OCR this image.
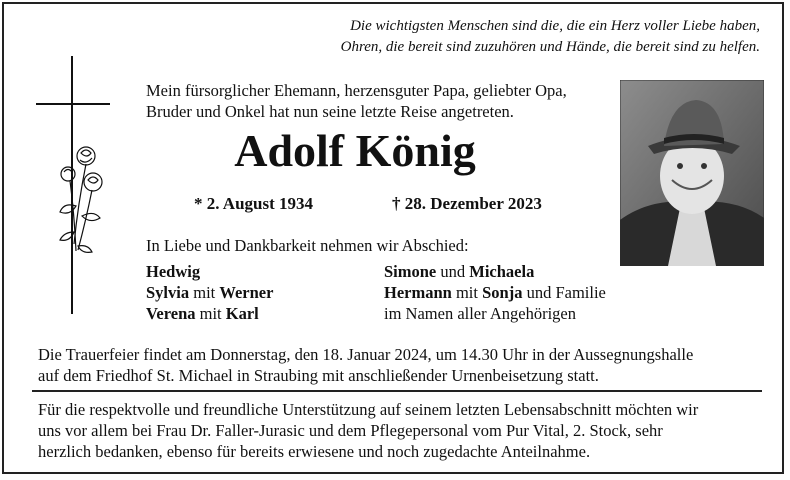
Die wichtigsten Menschen sind die, die ein Herz voller Liebe haben,
Ohren, die bereit sind zuzuhören und Hände, die bereit sind zu helfen.
Mein fürsorglicher Ehemann, herzensguter Papa, geliebter Opa,
Bruder und Onkel hat nun seine letzte Reise angetreten.
Adolf König
* 2. August 1934	† 28. Dezember 2023
In Liebe und Dankbarkeit nehmen wir Abschied:
Hedwig
Sylvia mit Werner
Verena mit Karl
Simone und Michaela
Hermann mit Sonja und Familie
im Namen aller Angehörigen
Die Trauerfeier findet am Donnerstag, den 18. Januar 2024, um 14.30 Uhr in der Aussegnungshalle
auf dem Friedhof St. Michael in Straubing mit anschließender Urnenbeisetzung statt.
Für die respektvolle und freundliche Unterstützung auf seinem letzten Lebensabschnitt möchten wir
uns vor allem bei Frau Dr. Faller-Jurasic und dem Pflegepersonal vom Pur Vital, 2. Stock, sehr
herzlich bedanken, ebenso für bereits erwiesene und noch zugedachte Anteilnahme.
